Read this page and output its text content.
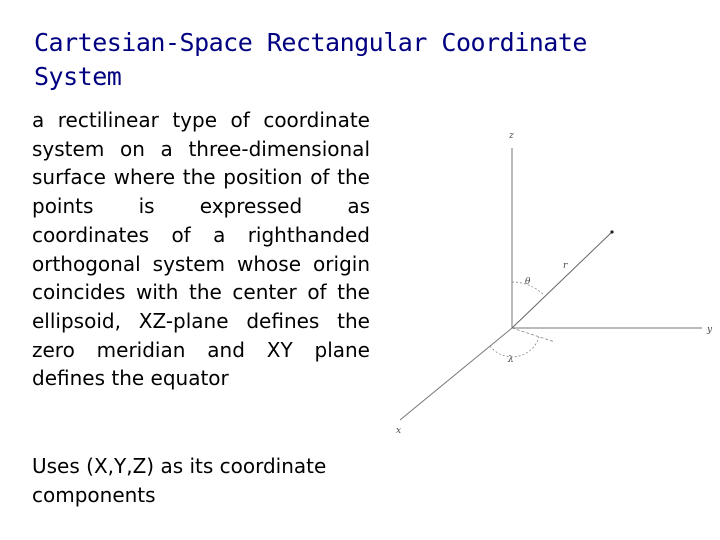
Cartesian-Space Rectangular Coordinate System
a rectilinear type of coordinate system on a three-dimensional surface where the position of the points is expressed as coordinates of a righthanded orthogonal system whose origin coincides with the center of the ellipsoid, XZ-plane defines the zero meridian and XY plane defines the equator
Uses (X,Y,Z) as its coordinate components
z
y
x
r
θ
λ
